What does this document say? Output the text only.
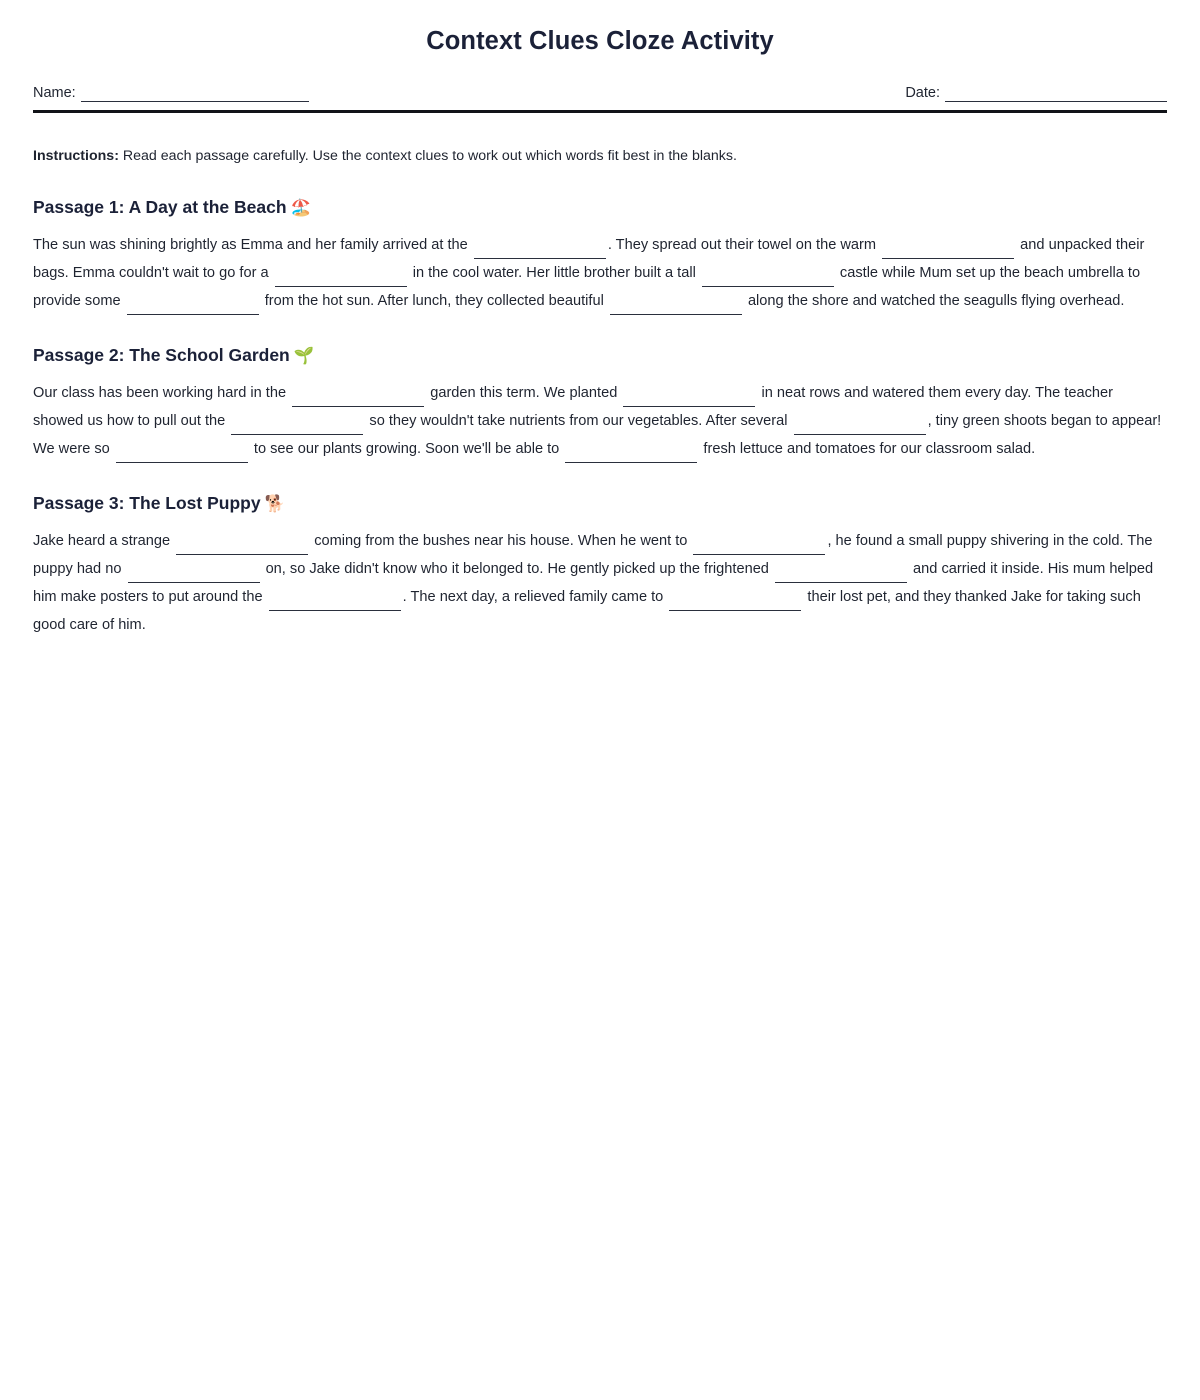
Context Clues Cloze Activity
Name:	Date:

Instructions: Read each passage carefully. Use the context clues to work out which words fit best in the blanks.

Passage 1: A Day at the Beach 🏖️

The sun was shining brightly as Emma and her family arrived at the	. They spread out their towel on the warm	and unpacked their bags. Emma couldn't wait to go for a	in the cool water. Her little brother built a tall	castle while Mum set up the beach umbrella to provide some	from the hot sun. After lunch, they collected beautiful	along the shore and watched the seagulls flying overhead.

Passage 2: The School Garden 🌱

Our class has been working hard in the	garden this term. We planted	in neat rows and watered them every day. The teacher showed us how to pull out the	so they wouldn't take nutrients from our vegetables. After several	, tiny green shoots began to appear! We were so	to see our plants growing. Soon we'll be able to	fresh lettuce and tomatoes for our classroom salad.

Passage 3: The Lost Puppy 🐕

Jake heard a strange	coming from the bushes near his house. When he went to	, he found a small puppy shivering in the cold. The puppy had no	on, so Jake didn't know who it belonged to. He gently picked up the frightened	and carried it inside. His mum helped him make posters to put around the	. The next day, a relieved family came to	their lost pet, and they thanked Jake for taking such good care of him.
